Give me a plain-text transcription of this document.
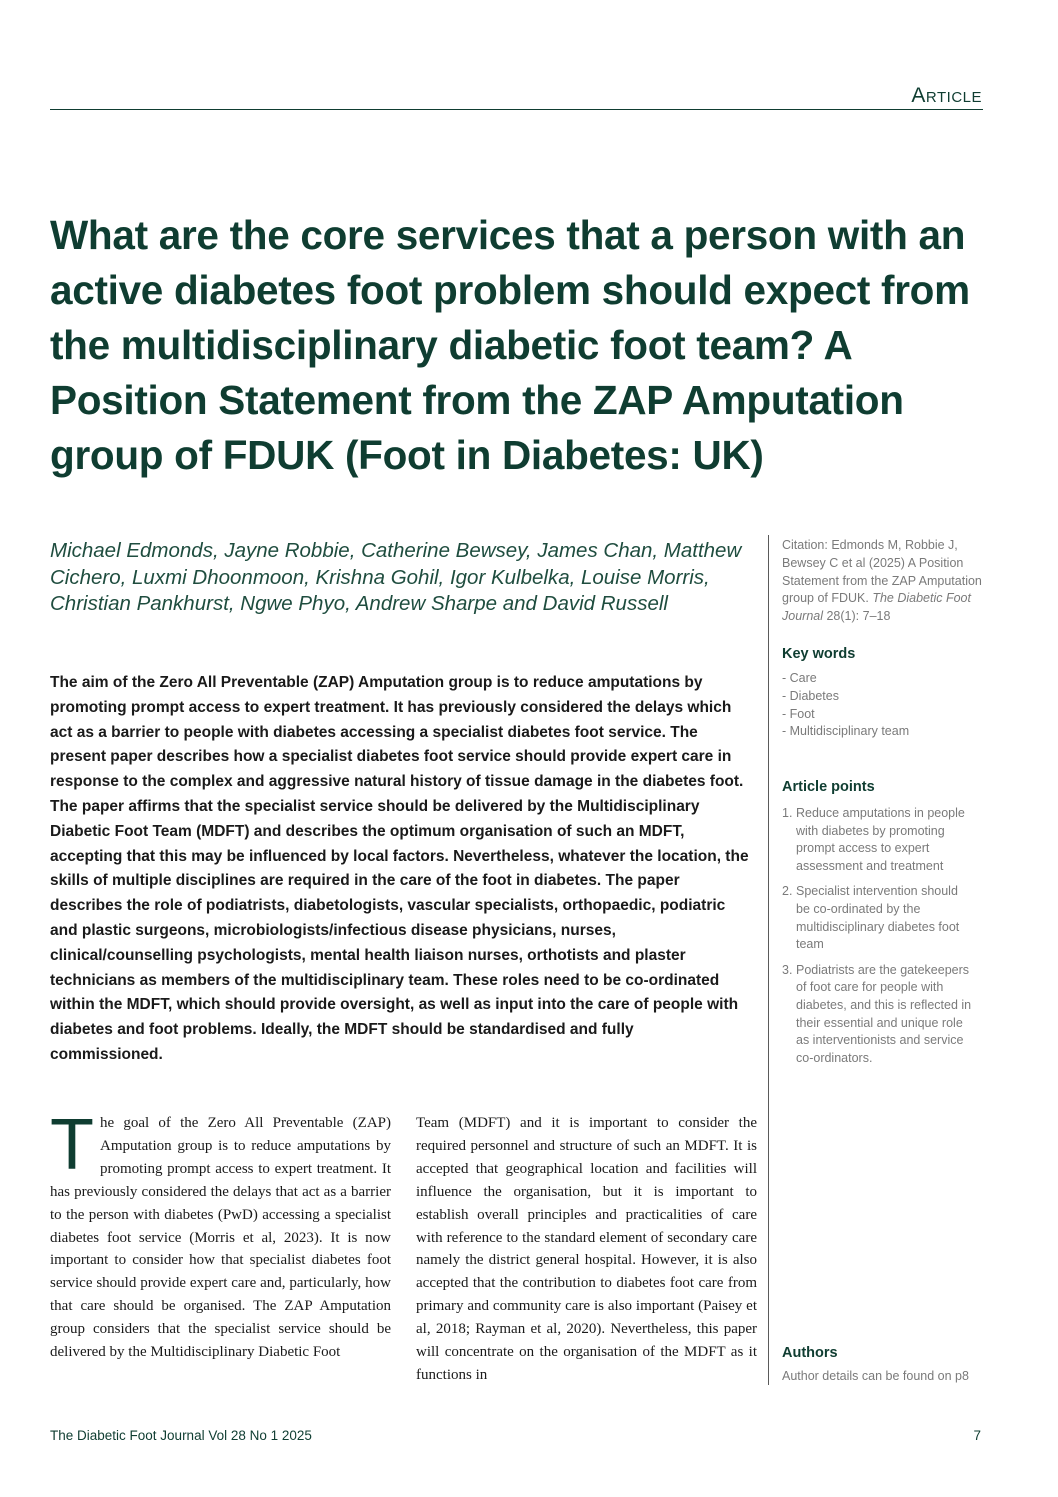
Article
What are the core services that a person with an active diabetes foot problem should expect from the multidisciplinary diabetic foot team? A Position Statement from the ZAP Amputation group of FDUK (Foot in Diabetes: UK)

Michael Edmonds, Jayne Robbie, Catherine Bewsey, James Chan, Matthew Cichero, Luxmi Dhoonmoon, Krishna Gohil, Igor Kulbelka, Louise Morris, Christian Pankhurst, Ngwe Phyo, Andrew Sharpe and David Russell

The aim of the Zero All Preventable (ZAP) Amputation group is to reduce amputations by promoting prompt access to expert treatment. It has previously considered the delays which act as a barrier to people with diabetes accessing a specialist diabetes foot service. The present paper describes how a specialist diabetes foot service should provide expert care in response to the complex and aggressive natural history of tissue damage in the diabetes foot. The paper affirms that the specialist service should be delivered by the Multidisciplinary Diabetic Foot Team (MDFT) and describes the optimum organisation of such an MDFT, accepting that this may be influenced by local factors. Nevertheless, whatever the location, the skills of multiple disciplines are required in the care of the foot in diabetes. The paper describes the role of podiatrists, diabetologists, vascular specialists, orthopaedic, podiatric and plastic surgeons, microbiologists/infectious disease physicians, nurses, clinical/counselling psychologists, mental health liaison nurses, orthotists and plaster technicians as members of the multidisciplinary team. These roles need to be co-ordinated within the MDFT, which should provide oversight, as well as input into the care of people with diabetes and foot problems. Ideally, the MDFT should be standardised and fully commissioned.

The goal of the Zero All Preventable (ZAP) Amputation group is to reduce amputations by promoting prompt access to expert treatment. It has previously considered the delays that act as a barrier to the person with diabetes (PwD) accessing a specialist diabetes foot service (Morris et al, 2023). It is now important to consider how that specialist diabetes foot service should provide expert care and, particularly, how that care should be organised. The ZAP Amputation group considers that the specialist service should be delivered by the Multidisciplinary Diabetic Foot
Team (MDFT) and it is important to consider the required personnel and structure of such an MDFT. It is accepted that geographical location and facilities will influence the organisation, but it is important to establish overall principles and practicalities of care with reference to the standard element of secondary care namely the district general hospital. However, it is also accepted that the contribution to diabetes foot care from primary and community care is also important (Paisey et al, 2018; Rayman et al, 2020). Nevertheless, this paper will concentrate on the organisation of the MDFT as it functions in

Citation: Edmonds M, Robbie J, Bewsey C et al (2025) A Position Statement from the ZAP Amputation group of FDUK. The Diabetic Foot Journal 28(1): 7–18

Key words
- Care
- Diabetes
- Foot
- Multidisciplinary team
Article points
1. Reduce amputations in people with diabetes by promoting prompt access to expert assessment and treatment
2. Specialist intervention should be co-ordinated by the multidisciplinary diabetes foot team
3. Podiatrists are the gatekeepers of foot care for people with diabetes, and this is reflected in their essential and unique role as interventionists and service co-ordinators.
Authors

Author details can be found on p8

The Diabetic Foot Journal Vol 28 No 1 2025	7
